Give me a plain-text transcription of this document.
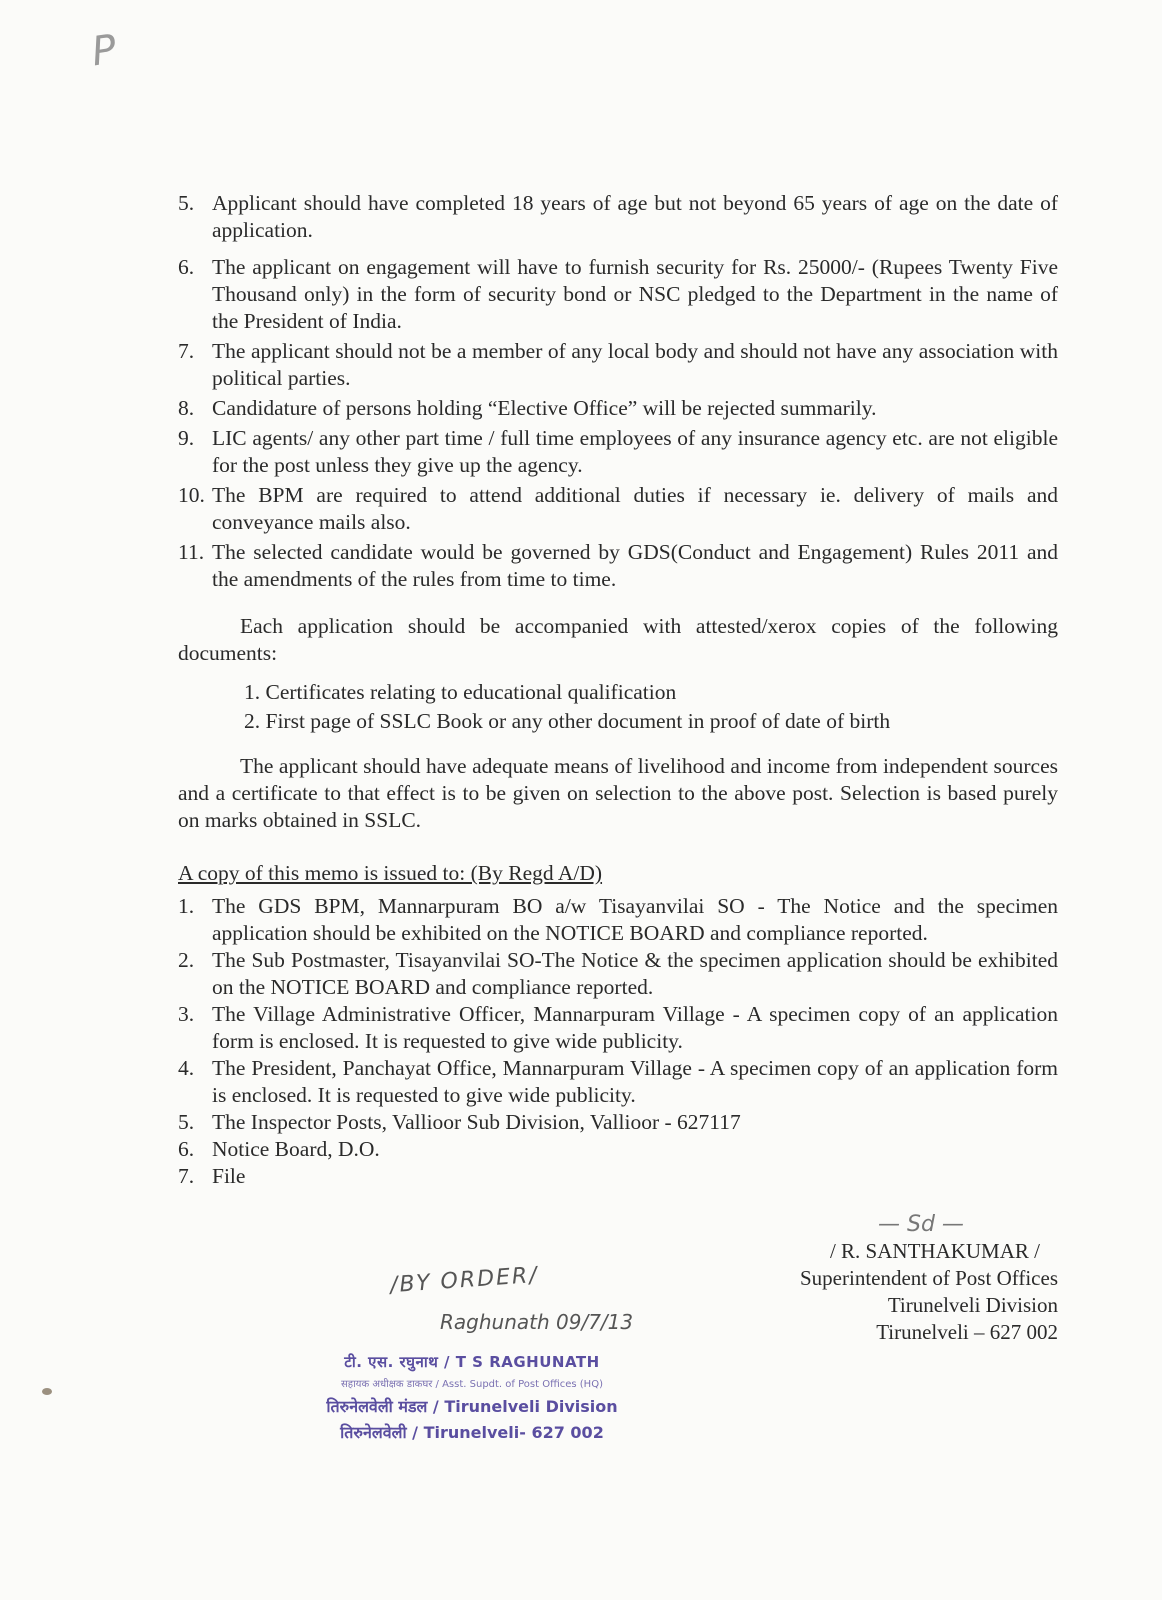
P
5. Applicant should have completed 18 years of age but not beyond 65 years of age on the date of application.
6. The applicant on engagement will have to furnish security for Rs. 25000/- (Rupees Twenty Five Thousand only) in the form of security bond or NSC pledged to the Department in the name of the President of India.
7. The applicant should not be a member of any local body and should not have any association with political parties.
8. Candidature of persons holding “Elective Office” will be rejected summarily.
9. LIC agents/ any other part time / full time employees of any insurance agency etc. are not eligible for the post unless they give up the agency.
10. The BPM are required to attend additional duties if necessary ie. delivery of mails and conveyance mails also.
11. The selected candidate would be governed by GDS(Conduct and Engagement) Rules 2011 and the amendments of the rules from time to time.

Each application should be accompanied with attested/xerox copies of the following documents:

1. Certificates relating to educational qualification
2. First page of SSLC Book or any other document in proof of date of birth

The applicant should have adequate means of livelihood and income from independent sources and a certificate to that effect is to be given on selection to the above post. Selection is based purely on marks obtained in SSLC.

A copy of this memo is issued to: (By Regd A/D)

1. The GDS BPM, Mannarpuram BO a/w Tisayanvilai SO - The Notice and the specimen application should be exhibited on the NOTICE BOARD and compliance reported.
2. The Sub Postmaster, Tisayanvilai SO-The Notice & the specimen application should be exhibited on the NOTICE BOARD and compliance reported.
3. The Village Administrative Officer, Mannarpuram Village - A specimen copy of an application form is enclosed. It is requested to give wide publicity.
4. The President, Panchayat Office, Mannarpuram Village - A specimen copy of an application form is enclosed. It is requested to give wide publicity.
5. The Inspector Posts, Vallioor Sub Division, Vallioor - 627117
6. Notice Board, D.O.
7. File
— Sd —
/ R. SANTHAKUMAR /
Superintendent of Post Offices
Tirunelveli Division
Tirunelveli – 627 002
/BY ORDER/
Raghunath 09/7/13
टी. एस. रघुनाथ / T S RAGHUNATH
सहायक अधीक्षक डाकघर / Asst. Supdt. of Post Offices (HQ)
तिरुनेलवेली मंडल / Tirunelveli Division
तिरुनेलवेली / Tirunelveli- 627 002
